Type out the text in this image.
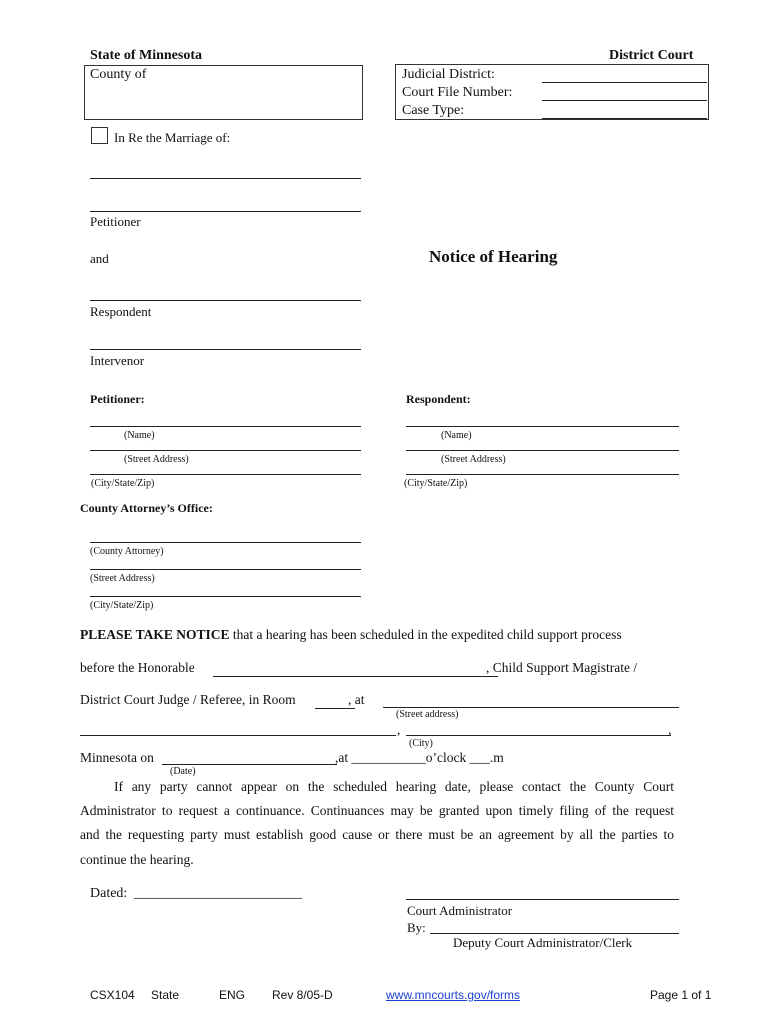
State of Minnesota	District Court
County of	Judicial District:
Court File Number:
Case Type:
In Re the Marriage of:
Petitioner
and	Notice of Hearing
Respondent
Intervenor
Petitioner:	Respondent:
(Name)
(Street Address)
(City/State/Zip)
(Name)
(Street Address)
(City/State/Zip)
County Attorney’s Office:
(County Attorney)
(Street Address)
(City/State/Zip)
PLEASE TAKE NOTICE that a hearing has been scheduled in the expedited child support process
before the Honorable	, Child Support Magistrate /
District Court Judge / Referee, in Room	, at
(Street address)
,	,
(City)
Minnesota on	,at ___________o’clock ___.m
(Date)
If any party cannot appear on the scheduled hearing date, please contact the County Court
Administrator to request a continuance. Continuances may be granted upon timely filing of the request
and the requesting party must establish good cause or there must be an agreement by all the parties to
continue the hearing.
Dated: ________________________
Court Administrator
By:
Deputy Court Administrator/Clerk
CSX104 State	ENG Rev 8/05-D	www.mncourts.gov/forms	Page 1 of 1
